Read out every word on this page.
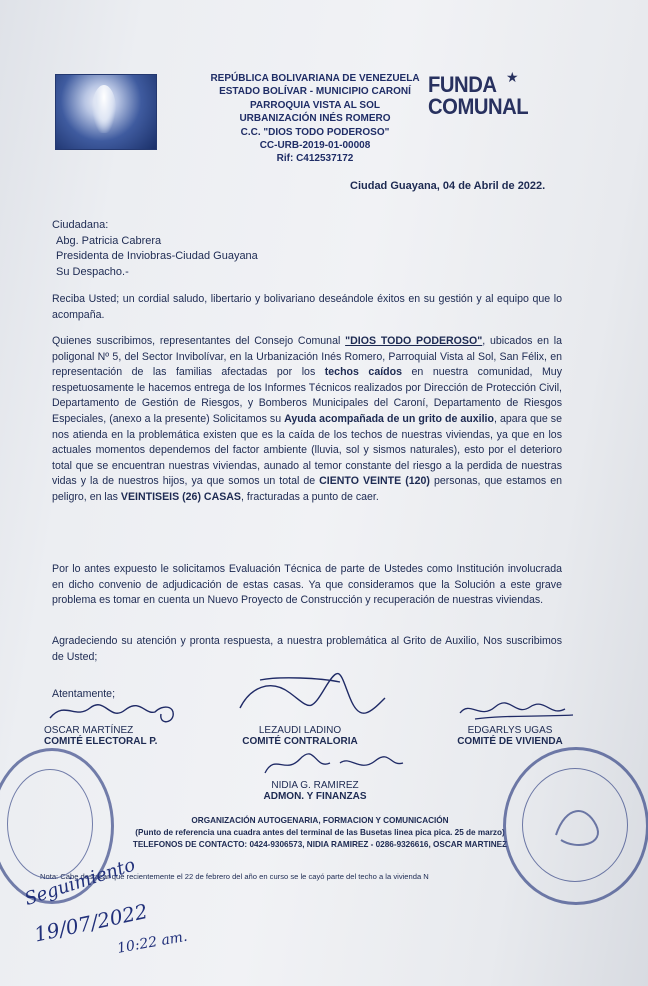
REPÚBLICA BOLIVARIANA DE VENEZUELA
ESTADO BOLÍVAR - MUNICIPIO CARONÍ
PARROQUIA VISTA AL SOL
URBANIZACIÓN INÉS ROMERO
C.C. "DIOS TODO PODEROSO"
CC-URB-2019-01-00008
Rif: C412537172
FUNDA ★
COMUNAL
Ciudad Guayana, 04 de Abril de 2022.
Ciudadana:
Abg. Patricia Cabrera
Presidenta de Inviobras-Ciudad Guayana
Su Despacho.-
Reciba Usted; un cordial saludo, libertario y bolivariano deseándole éxitos en su gestión y al equipo que lo acompaña.
Quienes suscribimos, representantes del Consejo Comunal "DIOS TODO PODEROSO", ubicados en la poligonal Nº 5, del Sector Invibolívar, en la Urbanización Inés Romero, Parroquial Vista al Sol, San Félix, en representación de las familias afectadas por los techos caídos en nuestra comunidad, Muy respetuosamente le hacemos entrega de los Informes Técnicos realizados por Dirección de Protección Civil, Departamento de Gestión de Riesgos, y Bomberos Municipales del Caroní, Departamento de Riesgos Especiales, (anexo a la presente) Solicitamos su Ayuda acompañada de un grito de auxilio, apara que se nos atienda en la problemática existen que es la caída de los techos de nuestras viviendas, ya que en los actuales momentos dependemos del factor ambiente (lluvia, sol y sismos naturales), esto por el deterioro total que se encuentran nuestras viviendas, aunado al temor constante del riesgo a la perdida de nuestras vidas y la de nuestros hijos, ya que somos un total de CIENTO VEINTE (120) personas, que estamos en peligro, en las VEINTISEIS (26) CASAS, fracturadas a punto de caer.
Por lo antes expuesto le solicitamos Evaluación Técnica de parte de Ustedes como Institución involucrada en dicho convenio de adjudicación de estas casas. Ya que consideramos que la Solución a este grave problema es tomar en cuenta un Nuevo Proyecto de Construcción y recuperación de nuestras viviendas.
Agradeciendo su atención y pronta respuesta, a nuestra problemática al Grito de Auxilio, Nos suscribimos de Usted;
Atentamente;
OSCAR MARTÍNEZ
COMITÉ ELECTORAL P.
LEZAUDI LADINO
COMITÉ CONTRALORIA
EDGARLYS UGAS
COMITÉ DE VIVIENDA
NIDIA G. RAMIREZ
ADMON. Y FINANZAS
ORGANIZACIÓN AUTOGENARIA, FORMACION Y COMUNICACIÓN
(Punto de referencia una cuadra antes del terminal de las Busetas linea pica pica. 25 de marzo)
TELEFONOS DE CONTACTO: 0424-9306573, NIDIA RAMIREZ - 0286-9326616, OSCAR MARTINEZ
Nota: Cabe destacar que recientemente el 22 de febrero del año en curso se le cayó parte del techo a la vivienda N
Seguimiento
19/07/2022
10:22 am.
